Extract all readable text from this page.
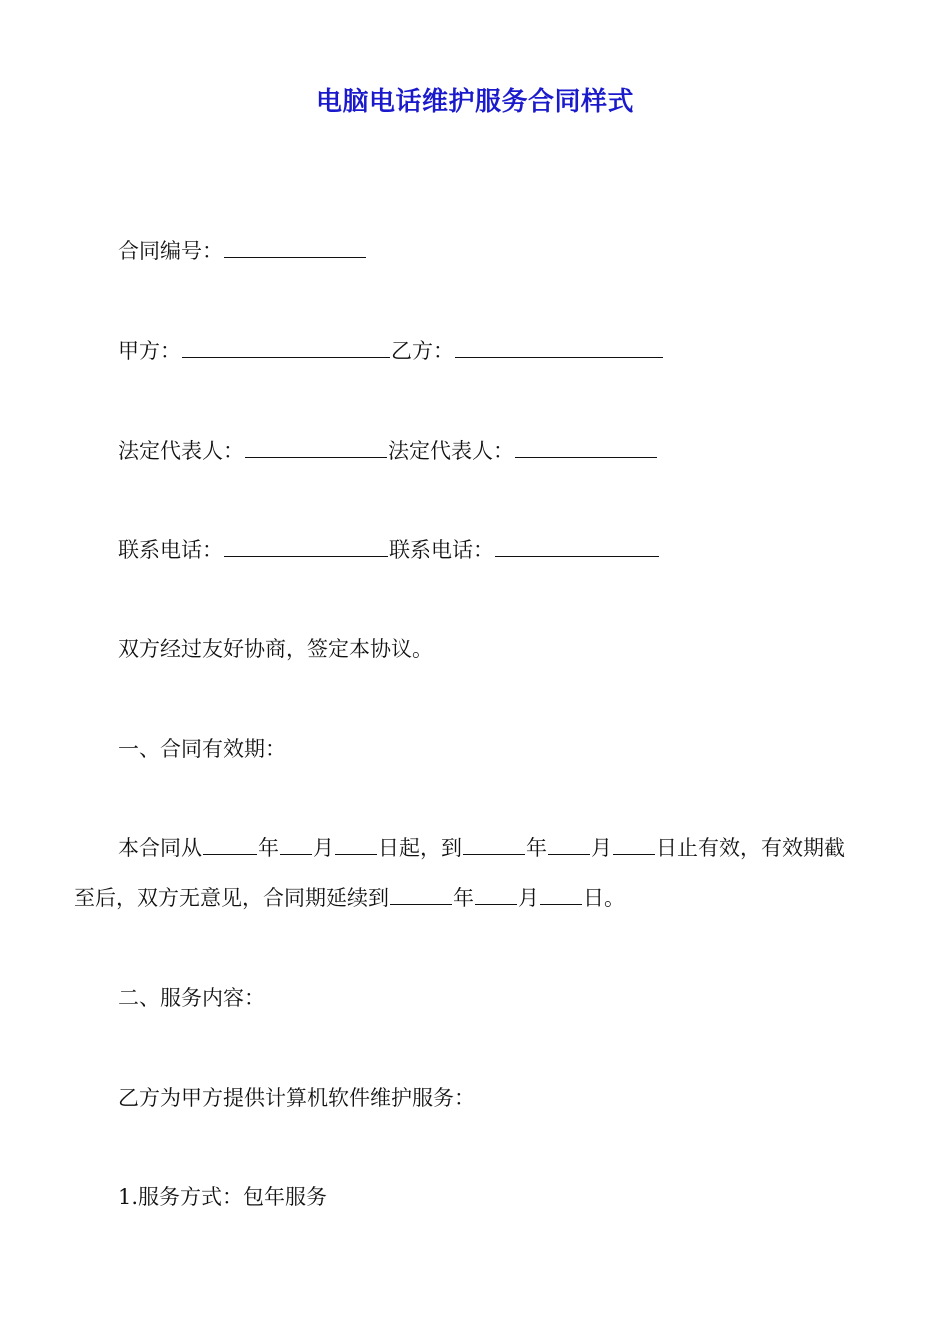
电脑电话维护服务合同样式
合同编号：
甲方：	乙方：
法定代表人：	法定代表人：
联系电话：	联系电话：
双方经过友好协商，签定本协议。
一、合同有效期：
本合同从	年 月 日起，到	年 月 日止有效，有效期截
至后，双方无意见，合同期延续到	年 月 日。
二、服务内容：
乙方为甲方提供计算机软件维护服务：
1.服务方式：包年服务
